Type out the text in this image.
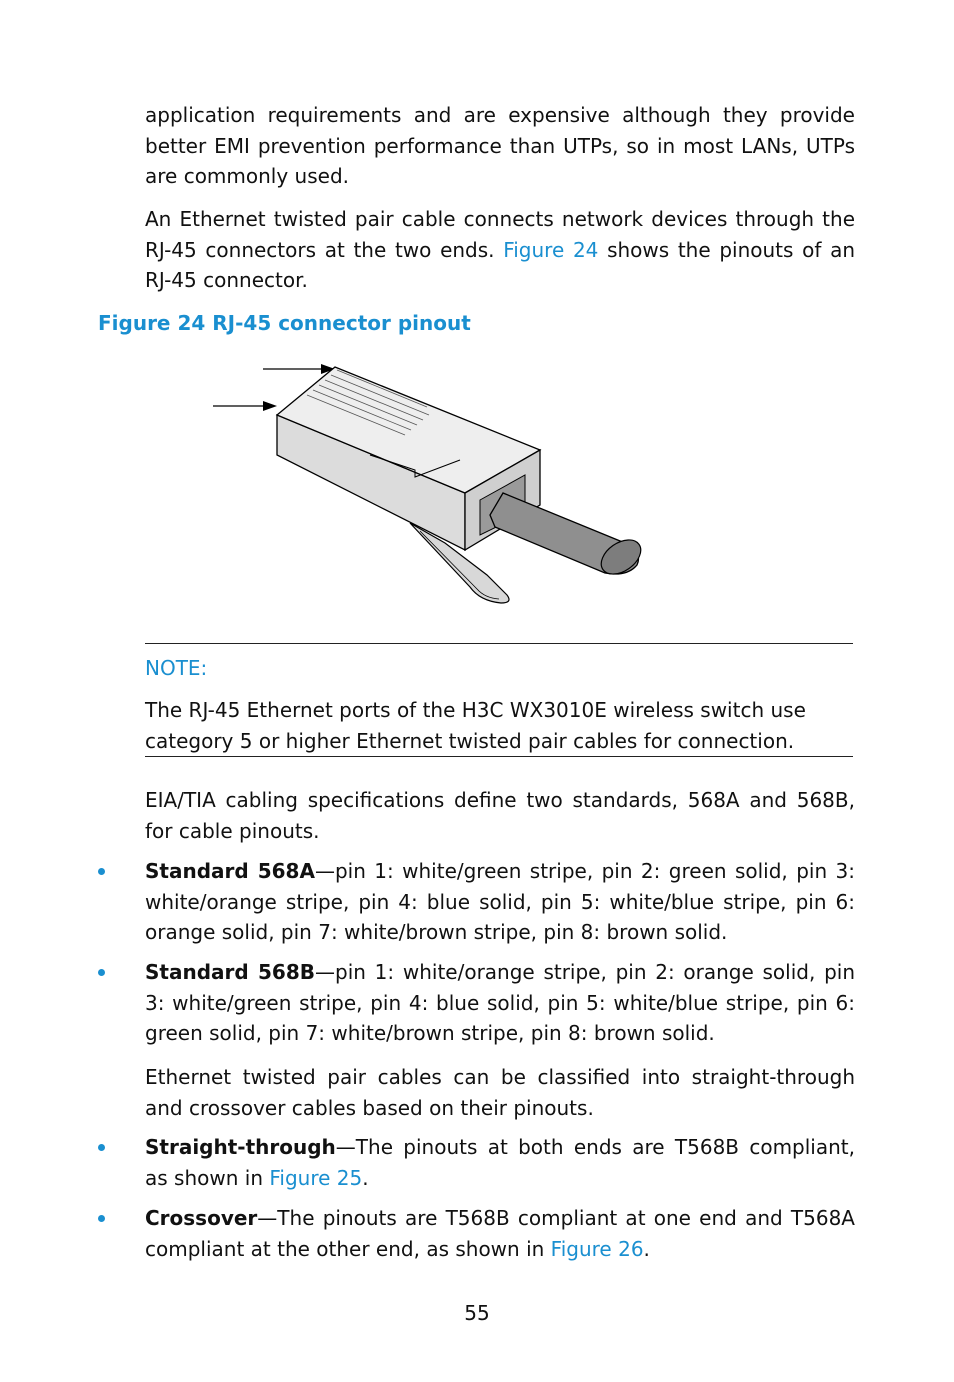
application requirements and are expensive although they provide better EMI prevention performance than UTPs, so in most LANs, UTPs are commonly used.
An Ethernet twisted pair cable connects network devices through the RJ-45 connectors at the two ends. Figure 24 shows the pinouts of an RJ-45 connector.
Figure 24 RJ-45 connector pinout
NOTE:
The RJ-45 Ethernet ports of the H3C WX3010E wireless switch use category 5 or higher Ethernet twisted pair cables for connection.
EIA/TIA cabling specifications define two standards, 568A and 568B, for cable pinouts.
Standard 568A—pin 1: white/green stripe, pin 2: green solid, pin 3: white/orange stripe, pin 4: blue solid, pin 5: white/blue stripe, pin 6: orange solid, pin 7: white/brown stripe, pin 8: brown solid.
Standard 568B—pin 1: white/orange stripe, pin 2: orange solid, pin 3: white/green stripe, pin 4: blue solid, pin 5: white/blue stripe, pin 6: green solid, pin 7: white/brown stripe, pin 8: brown solid.
Ethernet twisted pair cables can be classified into straight-through and crossover cables based on their pinouts.
Straight-through—The pinouts at both ends are T568B compliant, as shown in Figure 25.
Crossover—The pinouts are T568B compliant at one end and T568A compliant at the other end, as shown in Figure 26.
55
